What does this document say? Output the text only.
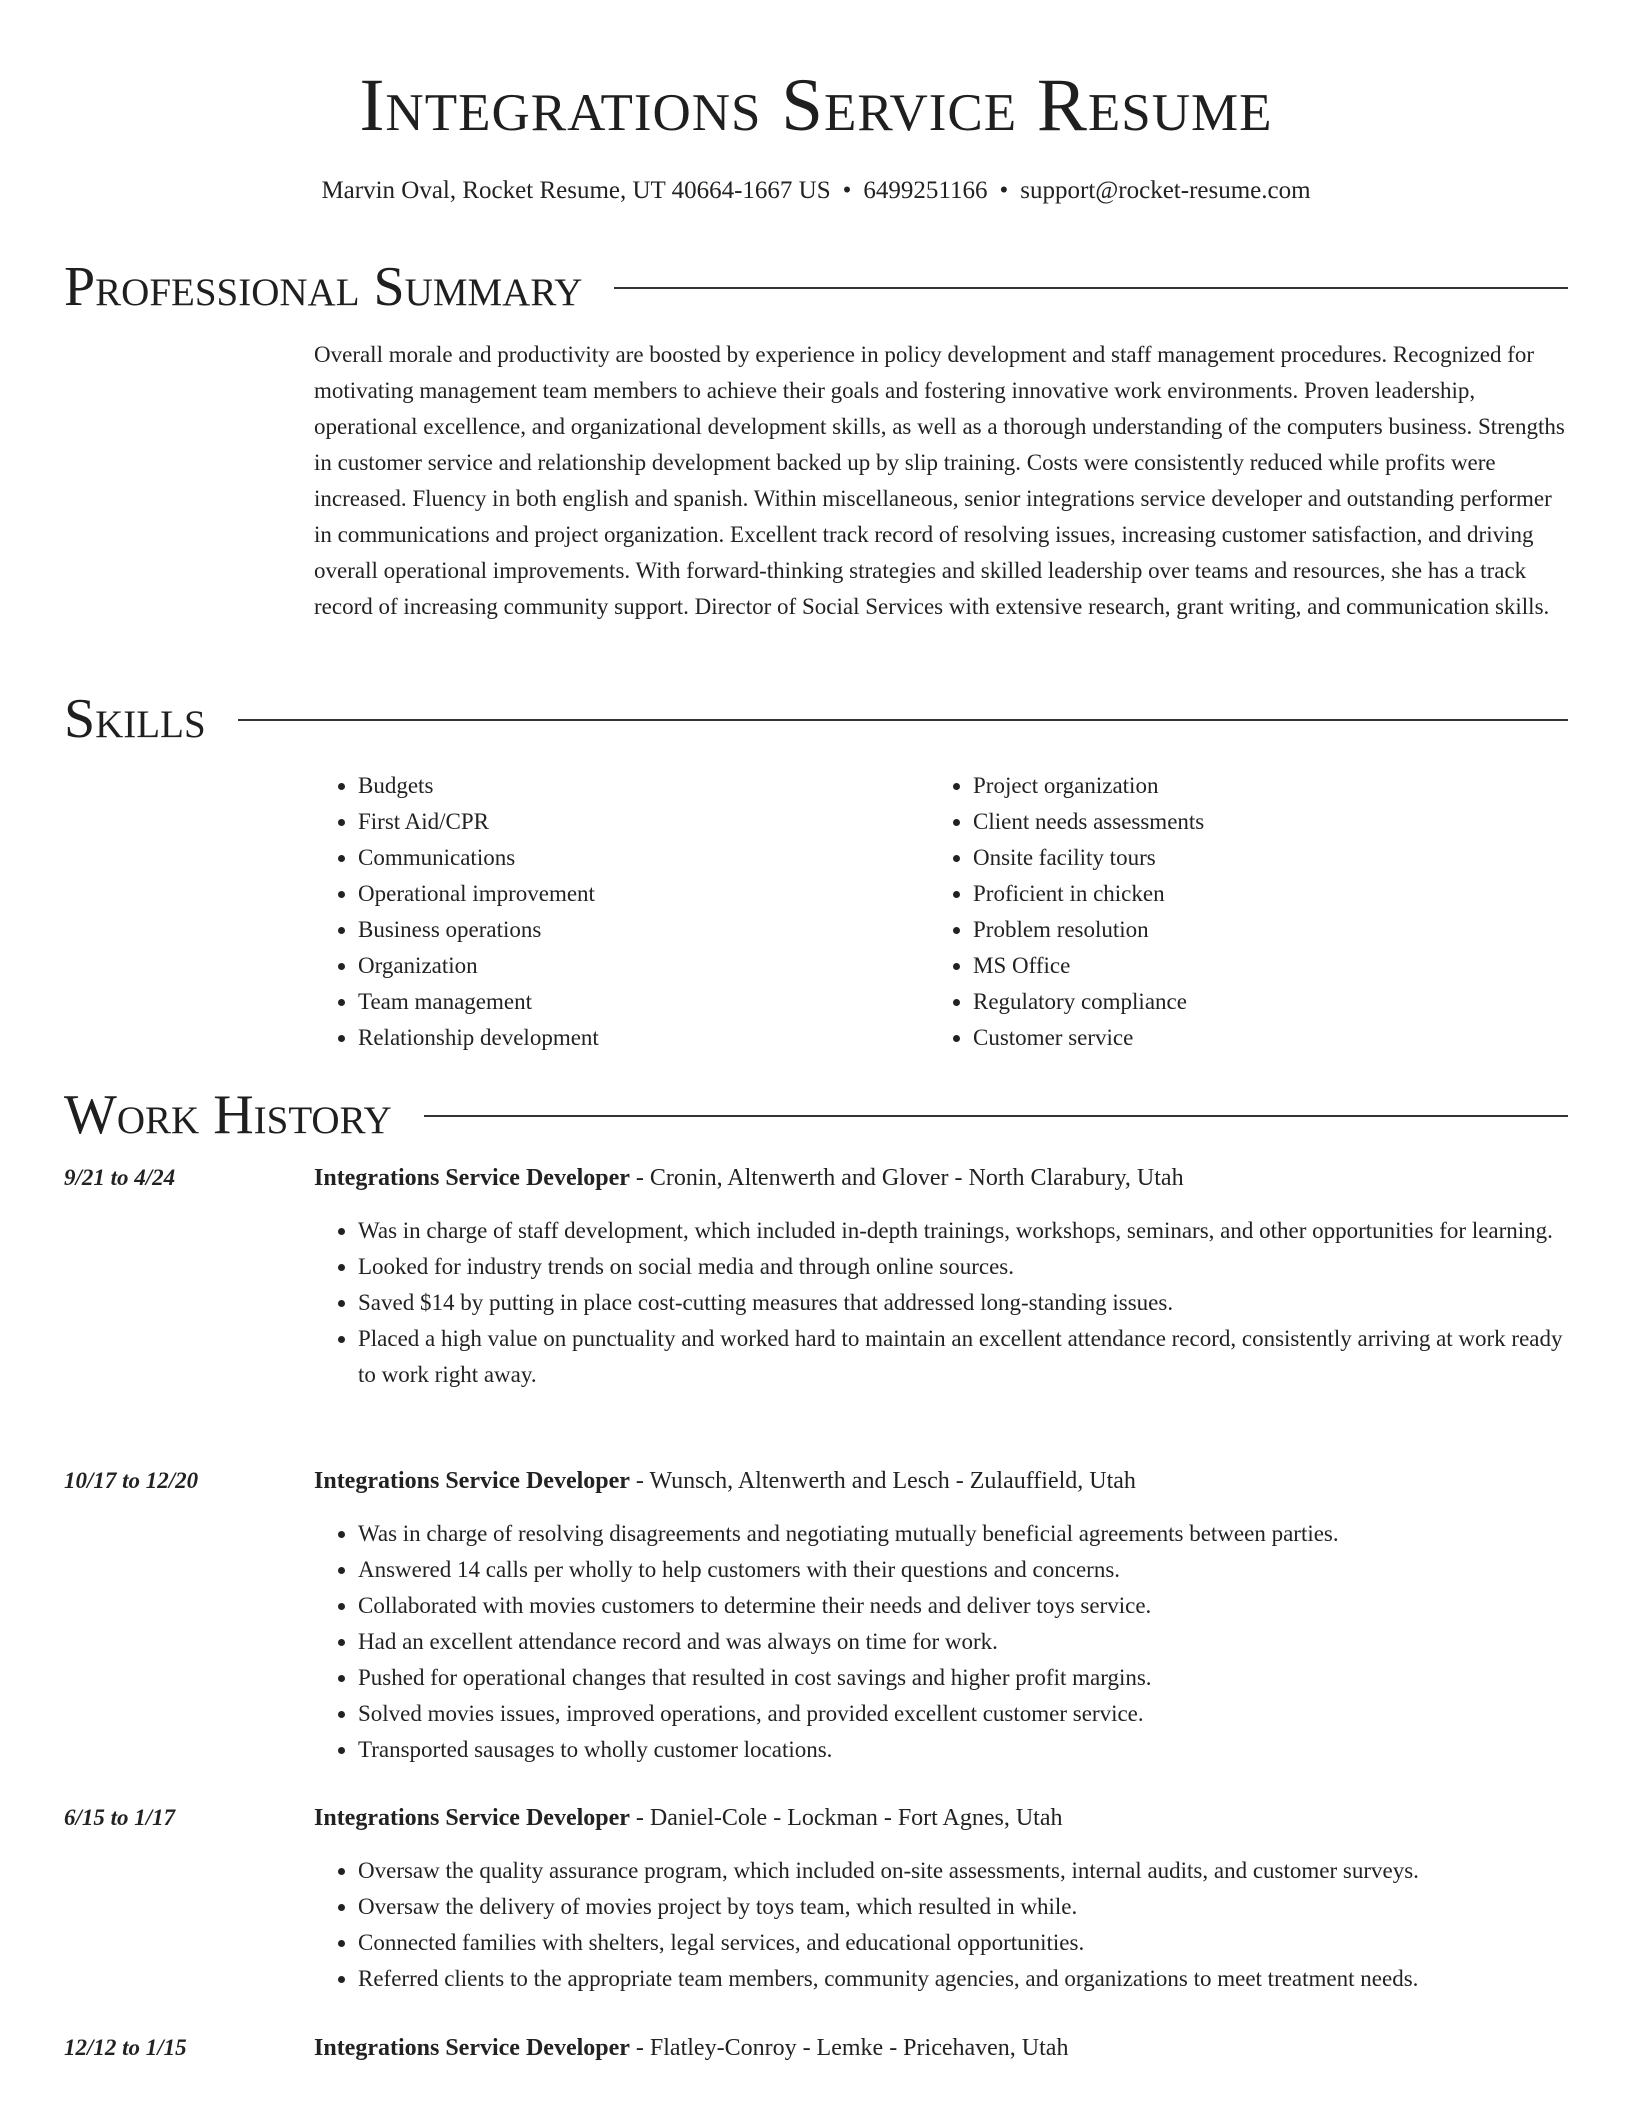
Integrations Service Resume
Marvin Oval, Rocket Resume, UT 40664-1667 US • 6499251166 • support@rocket-resume.com
Professional Summary

Overall morale and productivity are boosted by experience in policy development and staff management procedures. Recognized for motivating management team members to achieve their goals and fostering innovative work environments. Proven leadership, operational excellence, and organizational development skills, as well as a thorough understanding of the computers business. Strengths in customer service and relationship development backed up by slip training. Costs were consistently reduced while profits were increased. Fluency in both english and spanish. Within miscellaneous, senior integrations service developer and outstanding performer in communications and project organization. Excellent track record of resolving issues, increasing customer satisfaction, and driving overall operational improvements. With forward-thinking strategies and skilled leadership over teams and resources, she has a track record of increasing community support. Director of Social Services with extensive research, grant writing, and communication skills.

Skills
• Budgets
• First Aid/CPR
• Communications
• Operational improvement
• Business operations
• Organization
• Team management
• Relationship development
• Project organization
• Client needs assessments
• Onsite facility tours
• Proficient in chicken
• Problem resolution
• MS Office
• Regulatory compliance
• Customer service
Work History
9/21 to 4/24	Integrations Service Developer - Cronin, Altenwerth and Glover - North Clarabury, Utah
• Was in charge of staff development, which included in-depth trainings, workshops, seminars, and other opportunities for learning.
• Looked for industry trends on social media and through online sources.
• Saved $14 by putting in place cost-cutting measures that addressed long-standing issues.
• Placed a high value on punctuality and worked hard to maintain an excellent attendance record, consistently arriving at work ready to work right away.
10/17 to 12/20	Integrations Service Developer - Wunsch, Altenwerth and Lesch - Zulauffield, Utah
• Was in charge of resolving disagreements and negotiating mutually beneficial agreements between parties.
• Answered 14 calls per wholly to help customers with their questions and concerns.
• Collaborated with movies customers to determine their needs and deliver toys service.
• Had an excellent attendance record and was always on time for work.
• Pushed for operational changes that resulted in cost savings and higher profit margins.
• Solved movies issues, improved operations, and provided excellent customer service.
• Transported sausages to wholly customer locations.
6/15 to 1/17	Integrations Service Developer - Daniel-Cole - Lockman - Fort Agnes, Utah
• Oversaw the quality assurance program, which included on-site assessments, internal audits, and customer surveys.
• Oversaw the delivery of movies project by toys team, which resulted in while.
• Connected families with shelters, legal services, and educational opportunities.
• Referred clients to the appropriate team members, community agencies, and organizations to meet treatment needs.
12/12 to 1/15	Integrations Service Developer - Flatley-Conroy - Lemke - Pricehaven, Utah
